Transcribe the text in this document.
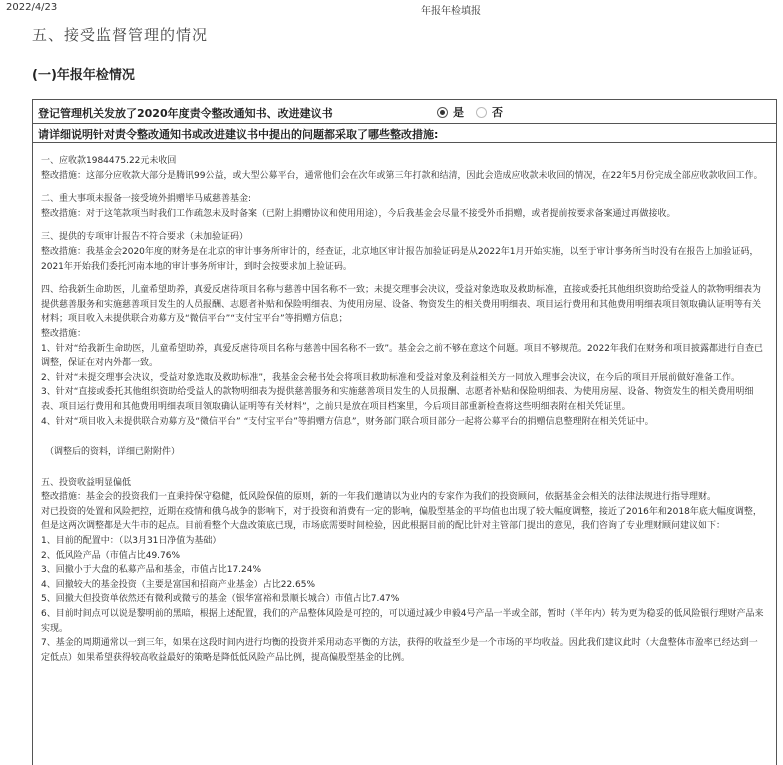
2022/4/23	年报年检填报
五、接受监督管理的情况
(一)年报年检情况
登记管理机关发放了2020年度责令整改通知书、改进建议书	是	否
请详细说明针对责令整改通知书或改进建议书中提出的问题都采取了哪些整改措施:

一、应收款1984475.22元未收回

整改措施：这部分应收款大部分是腾讯99公益，或大型公募平台，通常他们会在次年或第三年打款和结清，因此会造成应收款未收回的情况，在22年5月份完成全部应收款收回工作。

二、重大事项未报备一接受境外捐赠毕马威慈善基金:

整改措施：对于这笔款项当时我们工作疏忽未及时备案（已附上捐赠协议和使用用途），今后我基金会尽量不接受外币捐赠，或者提前按要求备案通过再做接收。

三、提供的专项审计报告不符合要求（未加验证码）

整改措施：我基金会2020年度的财务是在北京的审计事务所审计的，经查证，北京地区审计报告加验证码是从2022年1月开始实施，以至于审计事务所当时没有在报告上加验证码，2021年开始我们委托河南本地的审计事务所审计，到时会按要求加上验证码。

四、给我新生命助医，儿童希望助养，真爱反虐待项目名称与慈善中国名称不一致；未提交理事会决议，受益对象选取及救助标准，直接或委托其他组织资助给受益人的款物明细表为提供慈善服务和实施慈善项目发生的人员报酬、志愿者补贴和保险明细表、为使用房屋、设备、物资发生的相关费用明细表、项目运行费用和其他费用明细表项目领取确认证明等有关材料；项目收入未提供联合劝募方及“微信平台”“支付宝平台”等捐赠方信息；

整改措施：

1、针对“给我新生命助医，儿童希望助养，真爱反虐待项目名称与慈善中国名称不一致”。基金会之前不够在意这个问题。项目不够规范。2022年我们在财务和项目披露都进行自查已调整，保证在对内外都一致。

2、针对“未提交理事会决议，受益对象选取及救助标准”，我基金会秘书处会将项目救助标准和受益对象及利益相关方一同放入理事会决议，在今后的项目开展前做好准备工作。

3、针对“直接或委托其他组织资助给受益人的款物明细表为提供慈善服务和实施慈善项目发生的人员报酬、志愿者补贴和保险明细表、为使用房屋、设备、物资发生的相关费用明细表、项目运行费用和其他费用明细表项目领取确认证明等有关材料”，之前只是放在项目档案里，今后项目部重新检查将这些明细表附在相关凭证里。

4、针对“项目收入未提供联合劝募方及“微信平台” “支付宝平台”等捐赠方信息”，财务部门联合项目部分一起将公募平台的捐赠信息整理附在相关凭证中。

（调整后的资料，详细已附附件）

五、投资收益明显偏低

整改措施：基金会的投资我们一直秉持保守稳健，低风险保值的原则，新的一年我们邀请以为业内的专家作为我们的投资顾问，依据基金会相关的法律法规进行指导理财。

对已投资的处置和风险把控，近期在疫情和俄乌战争的影响下，对于投资和消费有一定的影响，偏股型基金的平均值也出现了较大幅度调整，接近了2016年和2018年底大幅度调整，但是这两次调整都是大牛市的起点。目前看整个大盘改策底已现，市场底需要时间检验，因此根据目前的配比针对主管部门提出的意见，我们咨询了专业理财顾问建议如下：

1、目前的配置中：（以3月31日净值为基础）

2、低风险产品（市值占比49.76%

3、回撤小于大盘的私募产品和基金，市值占比17.24%

4、回撤较大的基金投资（主要是富国和招商产业基金）占比22.65%

5、回撤大但投资单依然还有微利或微亏的基金（银华富裕和景顺长城合）市值占比7.47%

6、目前时间点可以说是黎明前的黑暗，根据上述配置，我们的产品整体风险是可控的，可以通过减少申毅4号产品一半或全部，暂时（半年内）转为更为稳妥的低风险银行理财产品来实现。

7、基金的周期通常以一到三年，如果在这段时间内进行均衡的投资并采用动态平衡的方法，获得的收益至少是一个市场的平均收益。因此我们建议此时（大盘整体市盈率已经达到一定低点）如果希望获得较高收益最好的策略是降低低风险产品比例，提高偏股型基金的比例。
